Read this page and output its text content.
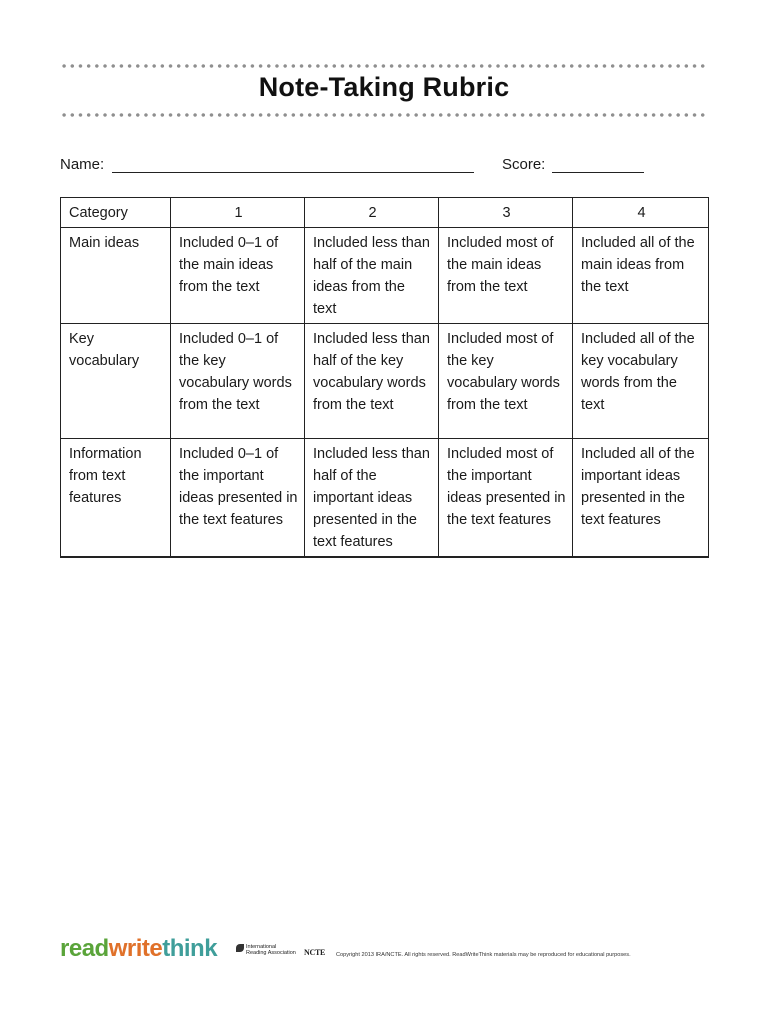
Note-Taking Rubric
Name:	Score:
Category	1	2	3	4
Main ideas	Included 0–1 of the main ideas from the text	Included less than half of the main ideas from the text	Included most of the main ideas from the text	Included all of the main ideas from the text
Key vocabulary	Included 0–1 of the key vocabulary words from the text	Included less than half of the key vocabulary words from the text	Included most of the key vocabulary words from the text	Included all of the key vocabulary words from the text
Information from text features	Included 0–1 of the important ideas presented in the text features	Included less than half of the important ideas presented in the text features	Included most of the important ideas presented in the text features	Included all of the important ideas presented in the text features
readwritethink	International
Reading Association NCTE Copyright 2013 IRA/NCTE. All rights reserved. ReadWriteThink materials may be reproduced for educational purposes.
